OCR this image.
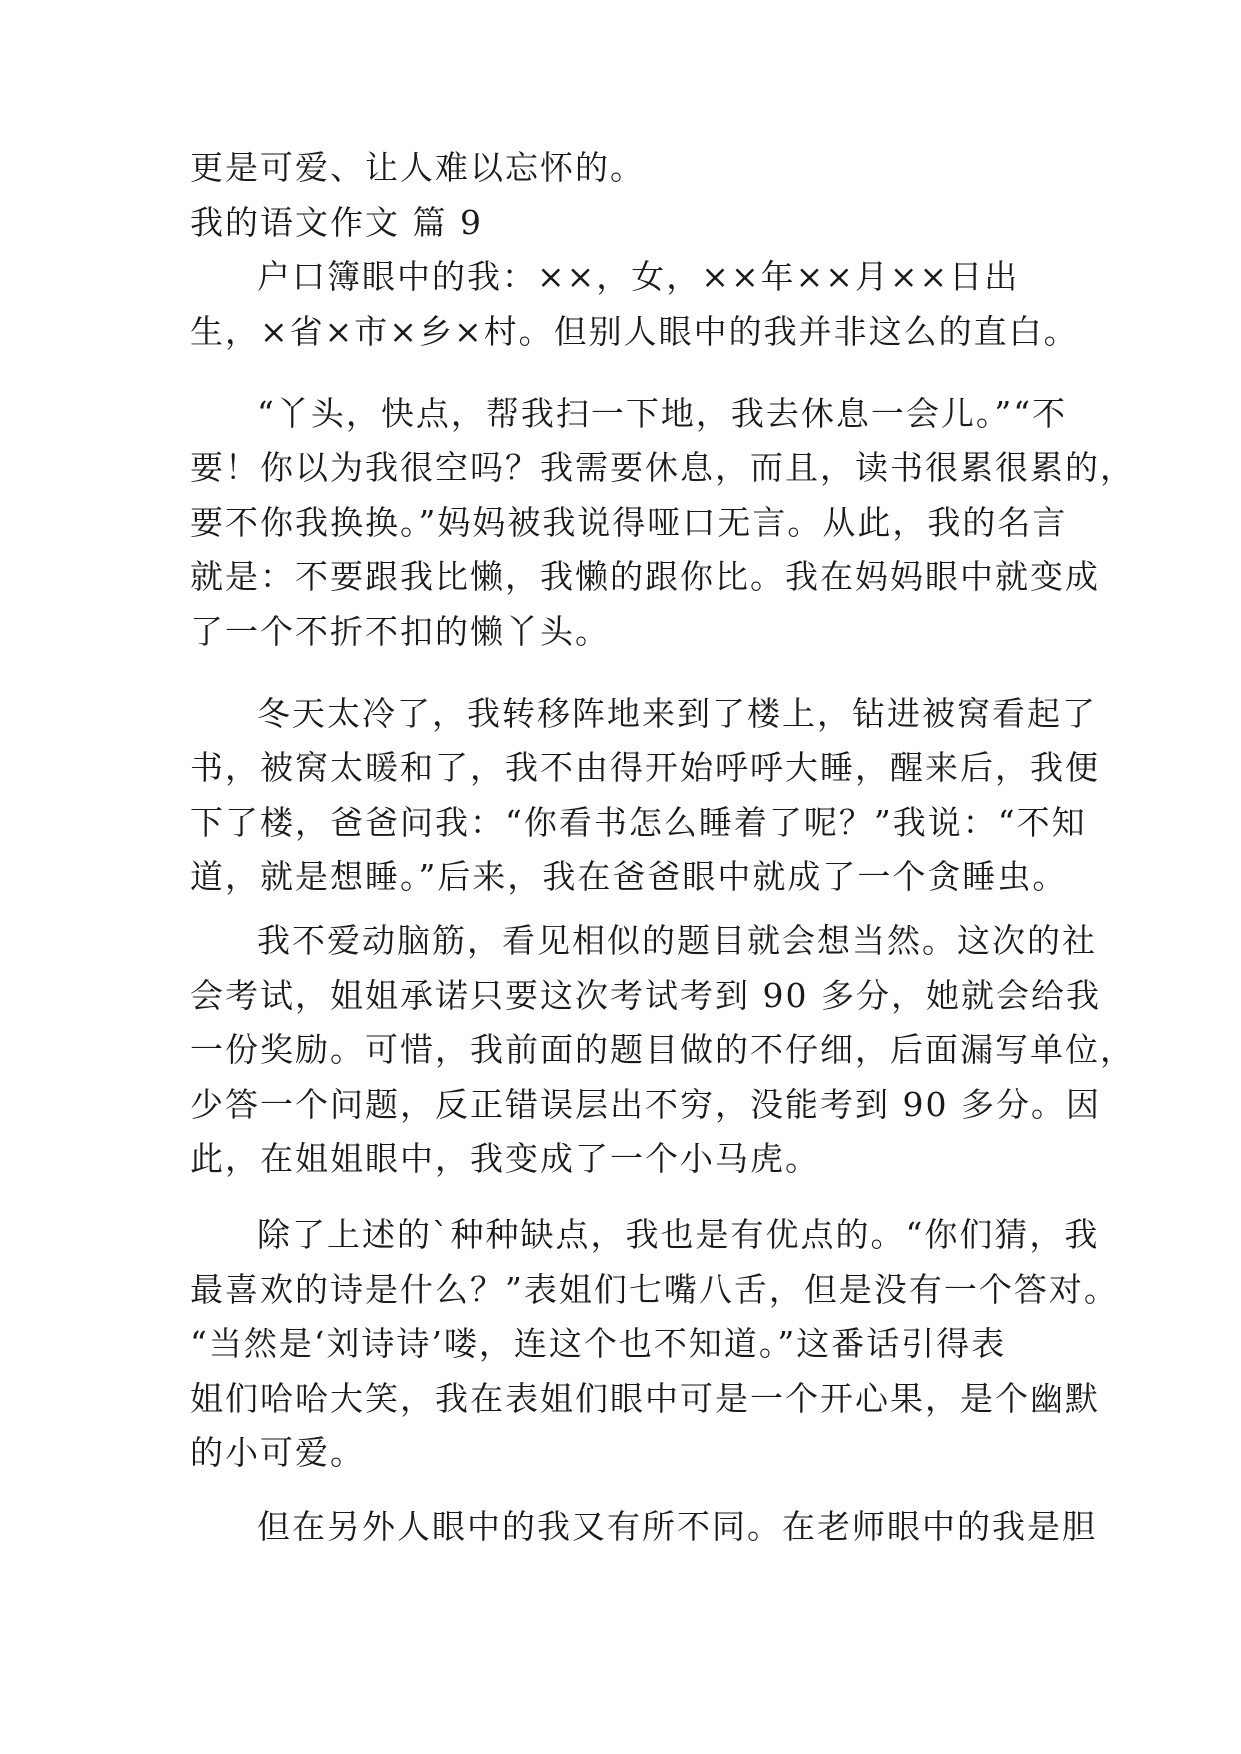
更是可爱、让人难以忘怀的。
我的语文作文 篇 9
户口簿眼中的我：××，女，××年××月××日出
生，×省×市×乡×村。但别人眼中的我并非这么的直白。
“丫头，快点，帮我扫一下地，我去休息一会儿。”“不
要！你以为我很空吗？我需要休息，而且，读书很累很累的，
要不你我换换。”妈妈被我说得哑口无言。从此，我的名言
就是：不要跟我比懒，我懒的跟你比。我在妈妈眼中就变成
了一个不折不扣的懒丫头。
冬天太冷了，我转移阵地来到了楼上，钻进被窝看起了
书，被窝太暖和了，我不由得开始呼呼大睡，醒来后，我便
下了楼，爸爸问我：“你看书怎么睡着了呢？”我说：“不知
道，就是想睡。”后来，我在爸爸眼中就成了一个贪睡虫。
我不爱动脑筋，看见相似的题目就会想当然。这次的社
会考试，姐姐承诺只要这次考试考到 90 多分，她就会给我
一份奖励。可惜，我前面的题目做的不仔细，后面漏写单位，
少答一个问题，反正错误层出不穷，没能考到 90 多分。因
此，在姐姐眼中，我变成了一个小马虎。
除了上述的`种种缺点，我也是有优点的。“你们猜，我
最喜欢的诗是什么？”表姐们七嘴八舌，但是没有一个答对。
“当然是‘刘诗诗’喽，连这个也不知道。”这番话引得表
姐们哈哈大笑，我在表姐们眼中可是一个开心果，是个幽默
的小可爱。
但在另外人眼中的我又有所不同。在老师眼中的我是胆
